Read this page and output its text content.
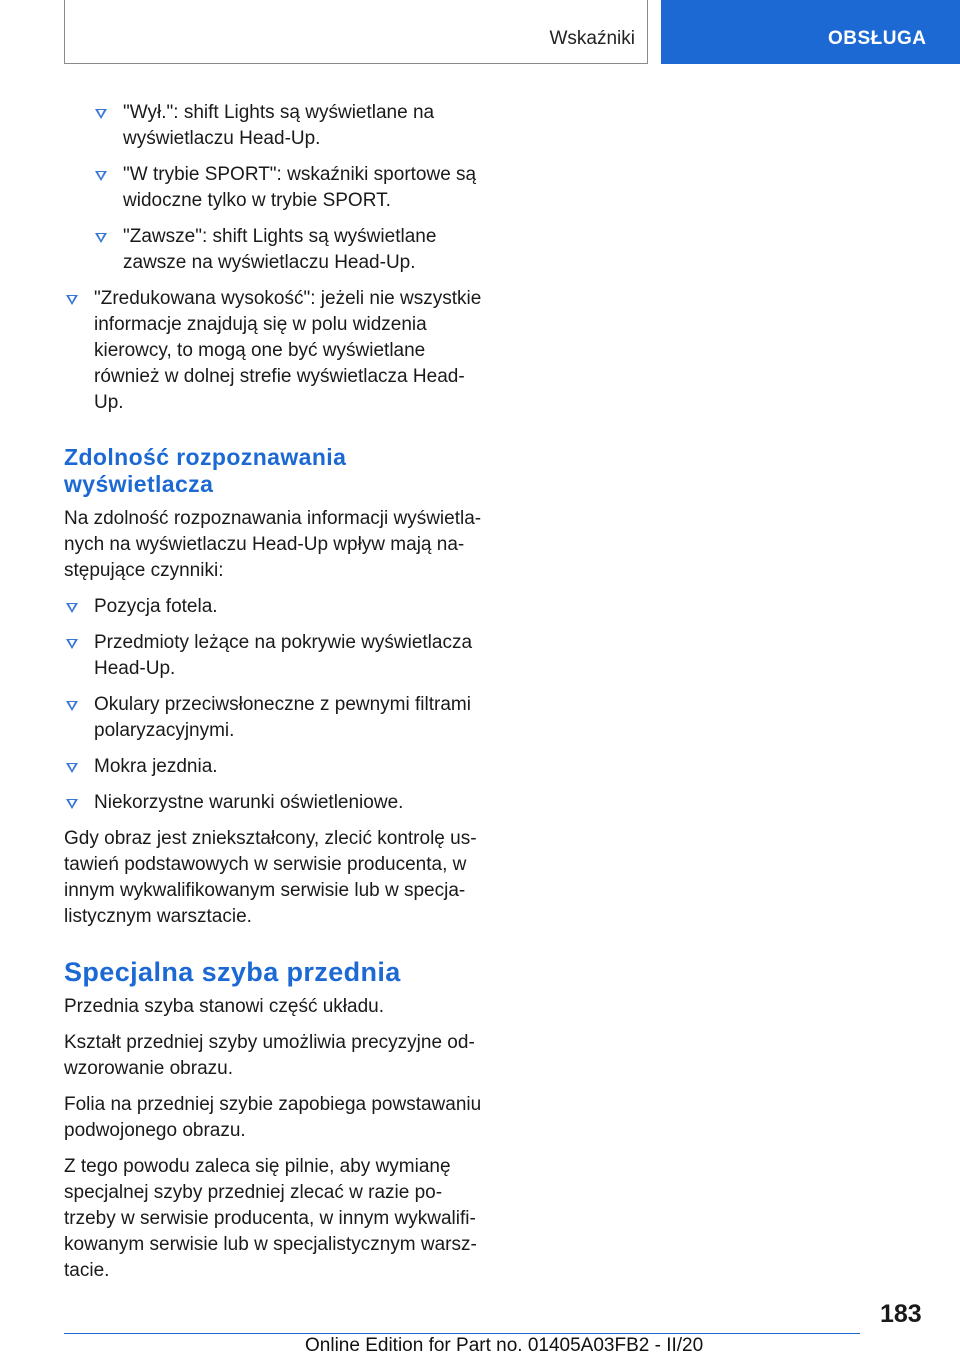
Wskaźniki	OBSŁUGA
"Wył.": shift Lights są wyświetlane na wyświetlaczu Head-Up.
"W trybie SPORT": wskaźniki sportowe są widoczne tylko w trybie SPORT.
"Zawsze": shift Lights są wyświetlane zawsze na wyświetlaczu Head-Up.
"Zredukowana wysokość": jeżeli nie wszystkie informacje znajdują się w polu widzenia kierowcy, to mogą one być wyświetlane również w dolnej strefie wyświetlacza Head-Up.
Zdolność rozpoznawania wyświetlacza

Na zdolność rozpoznawania informacji wyświetlanych na wyświetlaczu Head-Up wpływ mają następujące czynniki:

Pozycja fotela.
Przedmioty leżące na pokrywie wyświetlacza Head-Up.
Okulary przeciwsłoneczne z pewnymi filtrami polaryzacyjnymi.
Mokra jezdnia.
Niekorzystne warunki oświetleniowe.

Gdy obraz jest zniekształcony, zlecić kontrolę ustawień podstawowych w serwisie producenta, w innym wykwalifikowanym serwisie lub w specjalistycznym warsztacie.

Specjalna szyba przednia

Przednia szyba stanowi część układu.

Kształt przedniej szyby umożliwia precyzyjne odwzorowanie obrazu.

Folia na przedniej szybie zapobiega powstawaniu podwojonego obrazu.

Z tego powodu zaleca się pilnie, aby wymianę specjalnej szyby przedniej zlecać w razie potrzeby w serwisie producenta, w innym wykwalifikowanym serwisie lub w specjalistycznym warsztacie.

183
Online Edition for Part no. 01405A03FB2 - II/20
